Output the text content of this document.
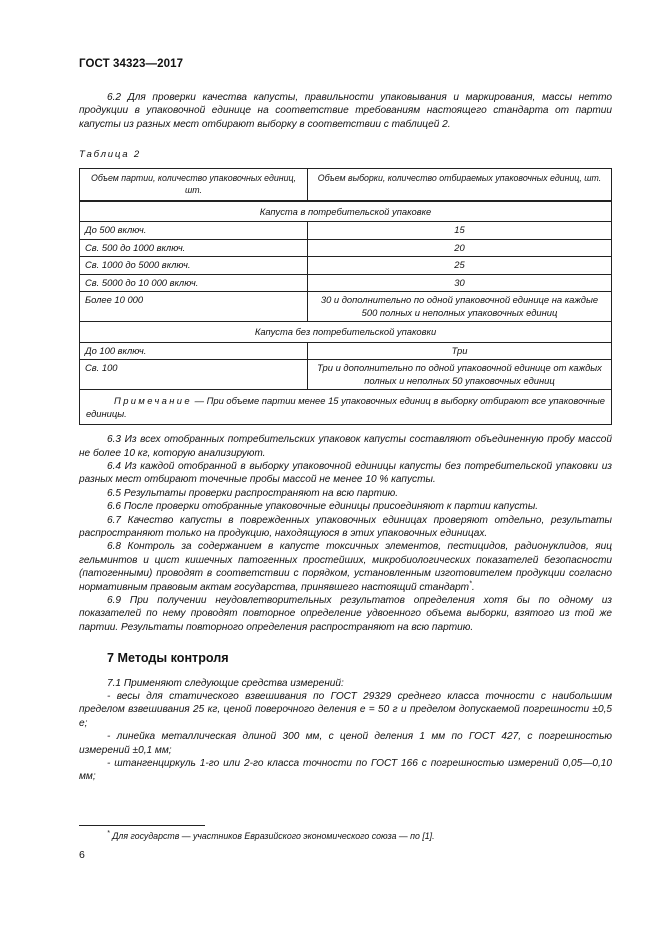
ГОСТ 34323—2017

6.2 Для проверки качества капусты, правильности упаковывания и маркирования, массы нетто продукции в упаковочной единице на соответствие требованиям настоящего стандарта от партии капусты из разных мест отбирают выборку в соответствии с таблицей 2.

Таблица 2
Объем партии, количество упаковочных единиц, шт.	Объем выборки, количество отбираемых упаковочных единиц, шт.
Капуста в потребительской упаковке	
До 500 включ.	15
Св. 500 до 1000 включ.	20
Св. 1000 до 5000 включ.	25
Св. 5000 до 10 000 включ.	30
Более 10 000	30 и дополнительно по одной упаковочной единице на каждые 500 полных и неполных упаковочных единиц
Капуста без потребительской упаковки	
До 100 включ.	Три
Св. 100	Три и дополнительно по одной упаковочной единице от каждых полных и неполных 50 упаковочных единиц
Примечание — При объеме партии менее 15 упаковочных единиц в выборку отбирают все упаковочные единицы.	

6.3 Из всех отобранных потребительских упаковок капусты составляют объединенную пробу массой не более 10 кг, которую анализируют.

6.4 Из каждой отобранной в выборку упаковочной единицы капусты без потребительской упаковки из разных мест отбирают точечные пробы массой не менее 10 % капусты.

6.5 Результаты проверки распространяют на всю партию.

6.6 После проверки отобранные упаковочные единицы присоединяют к партии капусты.

6.7 Качество капусты в поврежденных упаковочных единицах проверяют отдельно, результаты распространяют только на продукцию, находящуюся в этих упаковочных единицах.

6.8 Контроль за содержанием в капусте токсичных элементов, пестицидов, радионуклидов, яиц гельминтов и цист кишечных патогенных простейших, микробиологических показателей безопасности (патогенными) проводят в соответствии с порядком, установленным изготовителем продукции согласно нормативным правовым актам государства, принявшего настоящий стандарт*.

6.9 При получении неудовлетворительных результатов определения хотя бы по одному из показателей по нему проводят повторное определение удвоенного объема выборки, взятого из той же партии. Результаты повторного определения распространяют на всю партию.

7 Методы контроля

7.1 Применяют следующие средства измерений:

- весы для статического взвешивания по ГОСТ 29329 среднего класса точности с наибольшим пределом взвешивания 25 кг, ценой поверочного деления e = 50 г и пределом допускаемой погрешности ±0,5 e;

- линейка металлическая длиной 300 мм, с ценой деления 1 мм по ГОСТ 427, с погрешностью измерений ±0,1 мм;

- штангенциркуль 1-го или 2-го класса точности по ГОСТ 166 с погрешностью измерений 0,05—0,10 мм;

* Для государств — участников Евразийского экономического союза — по [1].
6
